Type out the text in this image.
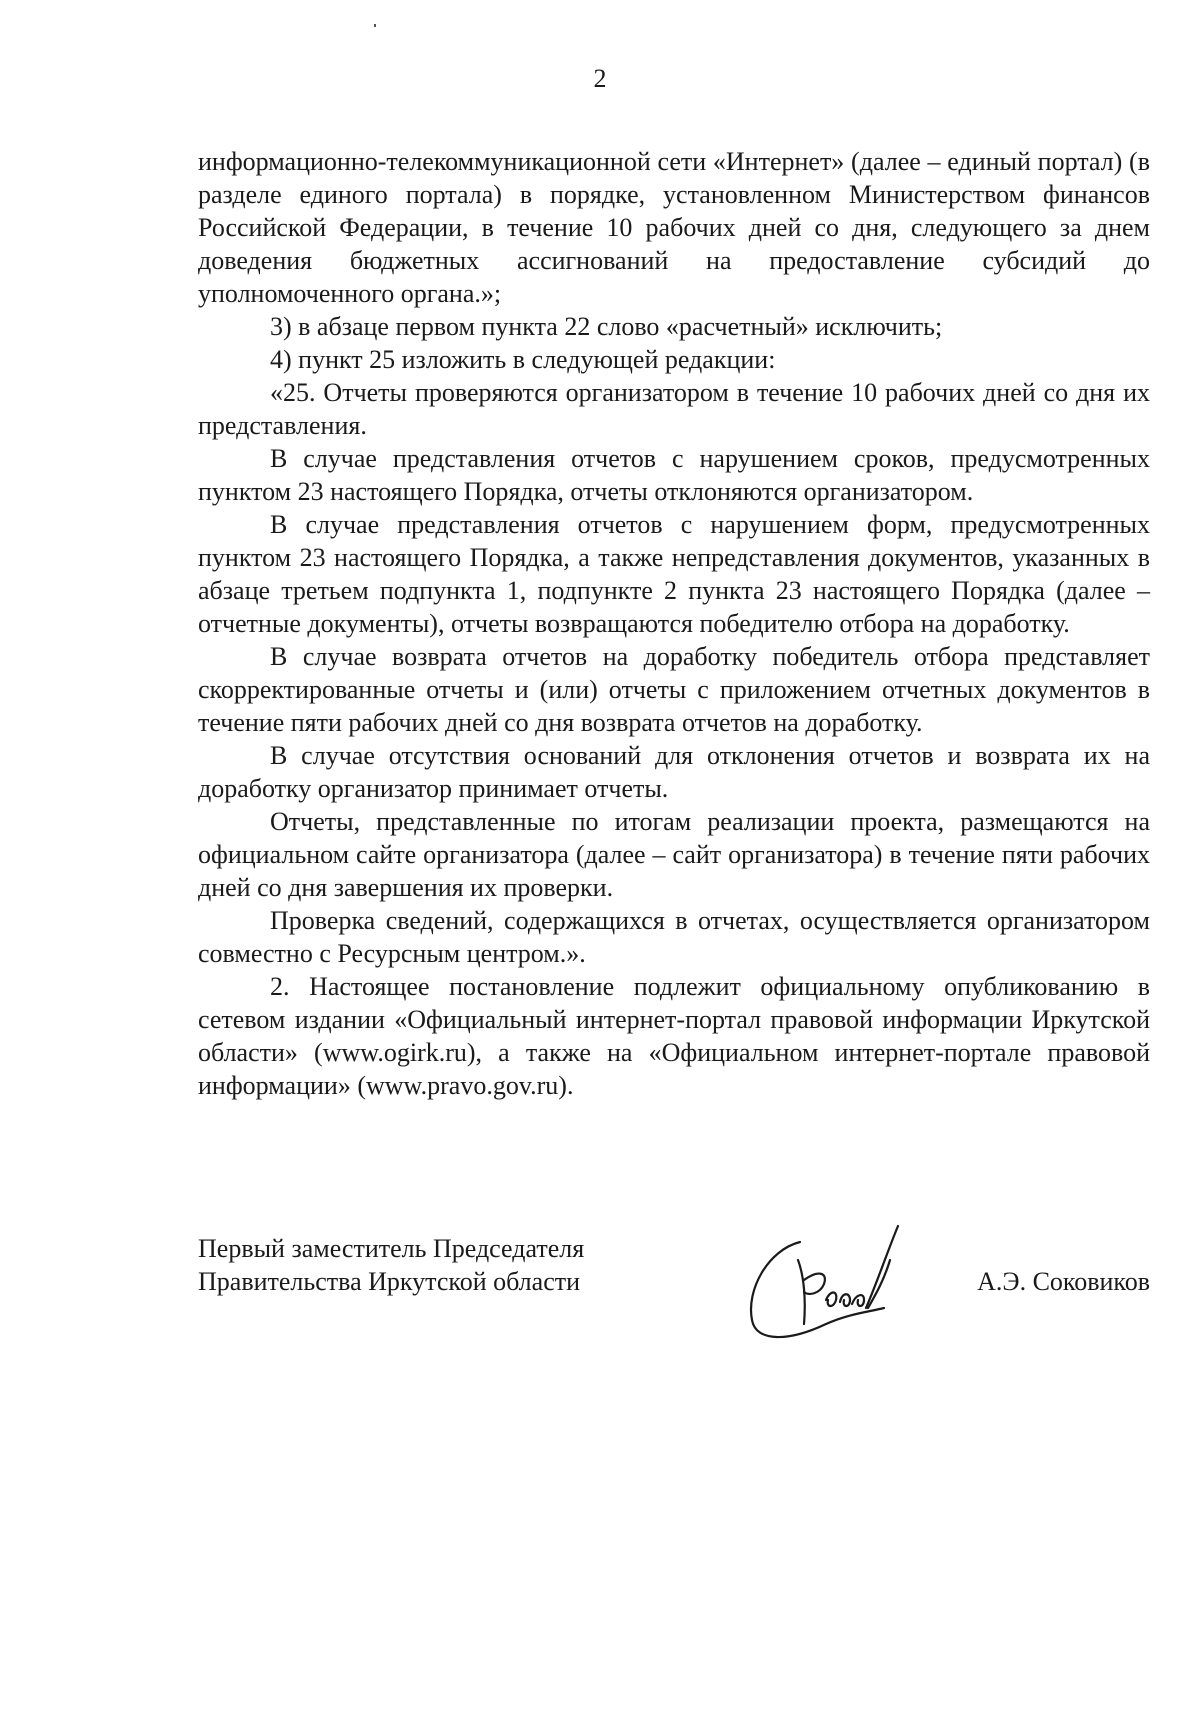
2

информационно-телекоммуникационной сети «Интернет» (далее – единый портал) (в разделе единого портала) в порядке, установленном Министерством финансов Российской Федерации, в течение 10 рабочих дней со дня, следующего за днем доведения бюджетных ассигнований на предоставление субсидий до уполномоченного органа.»;

3) в абзаце первом пункта 22 слово «расчетный» исключить;

4) пункт 25 изложить в следующей редакции:

«25. Отчеты проверяются организатором в течение 10 рабочих дней со дня их представления.

В случае представления отчетов с нарушением сроков, предусмотренных пунктом 23 настоящего Порядка, отчеты отклоняются организатором.

В случае представления отчетов с нарушением форм, предусмотренных пунктом 23 настоящего Порядка, а также непредставления документов, указанных в абзаце третьем подпункта 1, подпункте 2 пункта 23 настоящего Порядка (далее – отчетные документы), отчеты возвращаются победителю отбора на доработку.

В случае возврата отчетов на доработку победитель отбора представляет скорректированные отчеты и (или) отчеты с приложением отчетных документов в течение пяти рабочих дней со дня возврата отчетов на доработку.

В случае отсутствия оснований для отклонения отчетов и возврата их на доработку организатор принимает отчеты.

Отчеты, представленные по итогам реализации проекта, размещаются на официальном сайте организатора (далее – сайт организатора) в течение пяти рабочих дней со дня завершения их проверки.

Проверка сведений, содержащихся в отчетах, осуществляется организатором совместно с Ресурсным центром.».

2. Настоящее постановление подлежит официальному опубликованию в сетевом издании «Официальный интернет-портал правовой информации Иркутской области» (www.ogirk.ru), а также на «Официальном интернет-портале правовой информации» (www.pravo.gov.ru).

Первый заместитель Председателя
Правительства Иркутской области	А.Э. Соковиков
